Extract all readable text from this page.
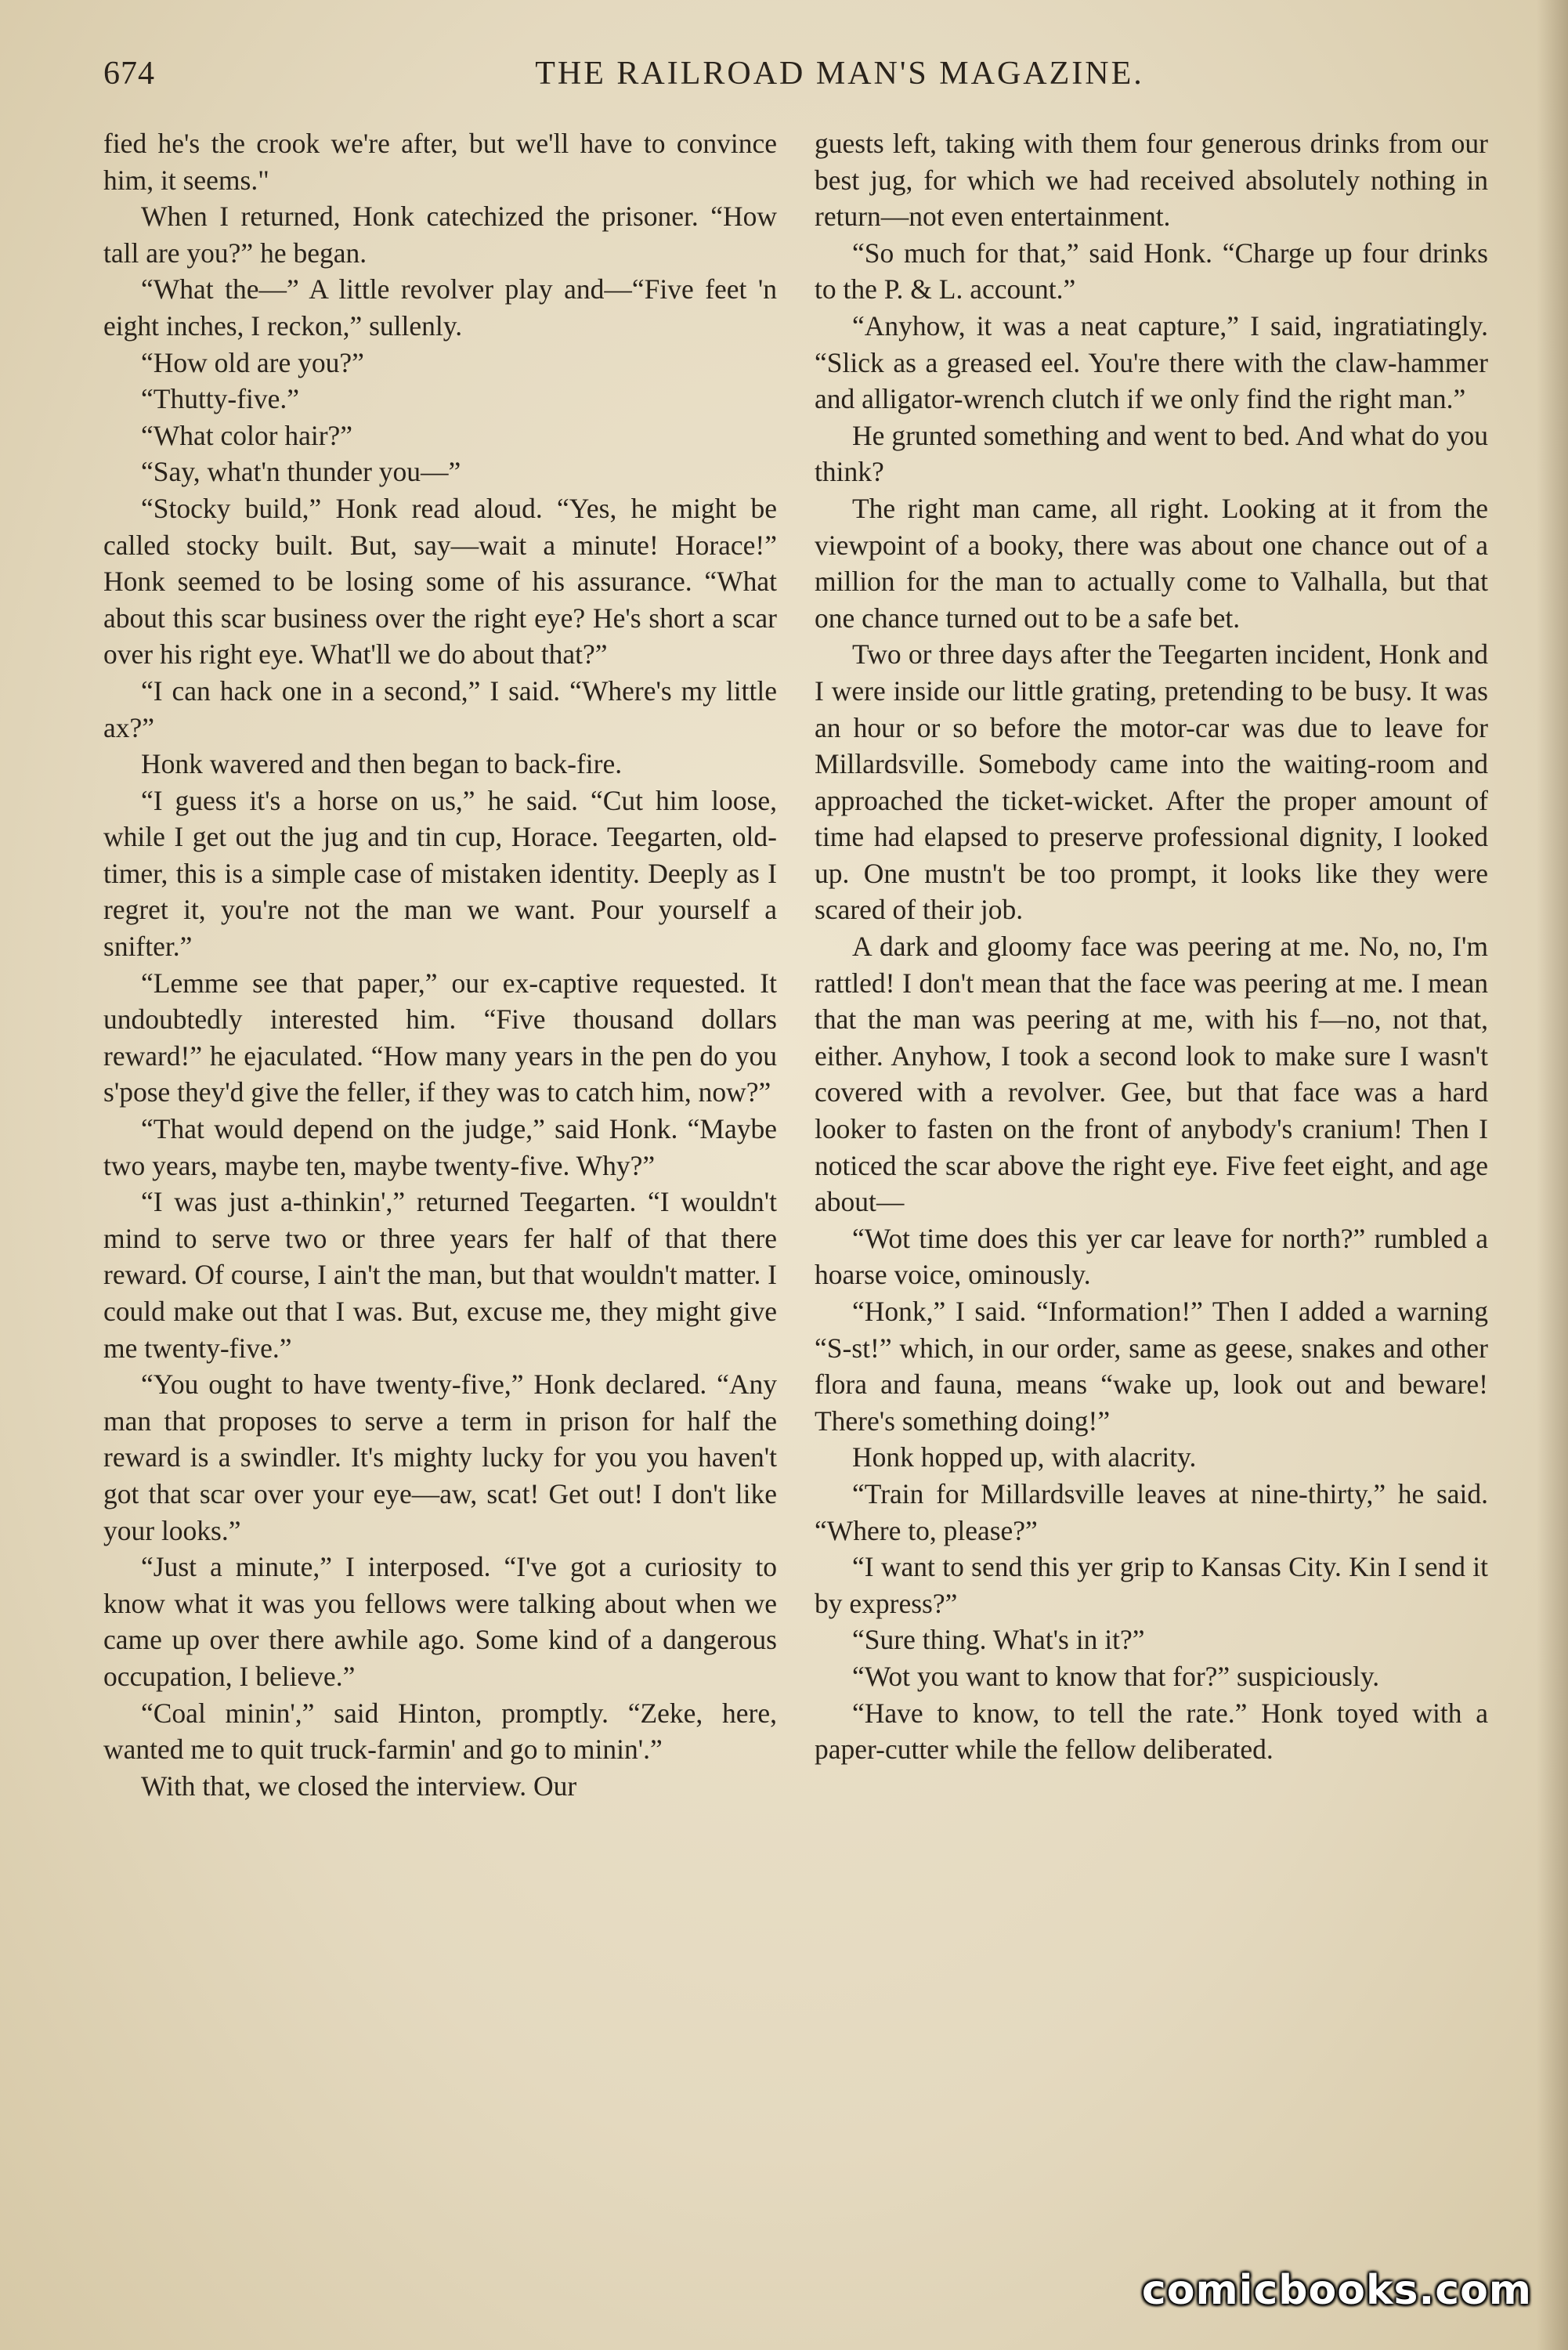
674	THE RAILROAD MAN'S MAGAZINE.

fied he's the crook we're after, but we'll have to convince him, it seems."

When I returned, Honk catechized the prisoner. “How tall are you?” he began.

“What the—” A little revolver play and—“Five feet 'n eight inches, I reckon,” sullenly.

“How old are you?”

“Thutty-five.”

“What color hair?”

“Say, what'n thunder you—”

“Stocky build,” Honk read aloud. “Yes, he might be called stocky built. But, say—wait a minute! Horace!” Honk seemed to be losing some of his assurance. “What about this scar business over the right eye? He's short a scar over his right eye. What'll we do about that?”

“I can hack one in a second,” I said. “Where's my little ax?”

Honk wavered and then began to back-fire.

“I guess it's a horse on us,” he said. “Cut him loose, while I get out the jug and tin cup, Horace. Teegarten, old-timer, this is a simple case of mistaken identity. Deeply as I regret it, you're not the man we want. Pour yourself a snifter.”

“Lemme see that paper,” our ex-captive requested. It undoubtedly interested him. “Five thousand dollars reward!” he ejaculated. “How many years in the pen do you s'pose they'd give the feller, if they was to catch him, now?”

“That would depend on the judge,” said Honk. “Maybe two years, maybe ten, maybe twenty-five. Why?”

“I was just a-thinkin',” returned Teegarten. “I wouldn't mind to serve two or three years fer half of that there reward. Of course, I ain't the man, but that wouldn't matter. I could make out that I was. But, excuse me, they might give me twenty-five.”

“You ought to have twenty-five,” Honk declared. “Any man that proposes to serve a term in prison for half the reward is a swindler. It's mighty lucky for you you haven't got that scar over your eye—aw, scat! Get out! I don't like your looks.”

“Just a minute,” I interposed. “I've got a curiosity to know what it was you fellows were talking about when we came up over there awhile ago. Some kind of a dangerous occupation, I believe.”

“Coal minin',” said Hinton, promptly. “Zeke, here, wanted me to quit truck-farmin' and go to minin'.”

With that, we closed the interview. Our

guests left, taking with them four generous drinks from our best jug, for which we had received absolutely nothing in return—not even entertainment.

“So much for that,” said Honk. “Charge up four drinks to the P. & L. account.”

“Anyhow, it was a neat capture,” I said, ingratiatingly. “Slick as a greased eel. You're there with the claw-hammer and alligator-wrench clutch if we only find the right man.”

He grunted something and went to bed. And what do you think?

The right man came, all right. Looking at it from the viewpoint of a booky, there was about one chance out of a million for the man to actually come to Valhalla, but that one chance turned out to be a safe bet.

Two or three days after the Teegarten incident, Honk and I were inside our little grating, pretending to be busy. It was an hour or so before the motor-car was due to leave for Millardsville. Somebody came into the waiting-room and approached the ticket-wicket. After the proper amount of time had elapsed to preserve professional dignity, I looked up. One mustn't be too prompt, it looks like they were scared of their job.

A dark and gloomy face was peering at me. No, no, I'm rattled! I don't mean that the face was peering at me. I mean that the man was peering at me, with his f—no, not that, either. Anyhow, I took a second look to make sure I wasn't covered with a revolver. Gee, but that face was a hard looker to fasten on the front of anybody's cranium! Then I noticed the scar above the right eye. Five feet eight, and age about—

“Wot time does this yer car leave for north?” rumbled a hoarse voice, ominously.

“Honk,” I said. “Information!” Then I added a warning “S-st!” which, in our order, same as geese, snakes and other flora and fauna, means “wake up, look out and beware! There's something doing!”

Honk hopped up, with alacrity.

“Train for Millardsville leaves at nine-thirty,” he said. “Where to, please?”

“I want to send this yer grip to Kansas City. Kin I send it by express?”

“Sure thing. What's in it?”

“Wot you want to know that for?” suspiciously.

“Have to know, to tell the rate.” Honk toyed with a paper-cutter while the fellow deliberated.

comicbooks.com
